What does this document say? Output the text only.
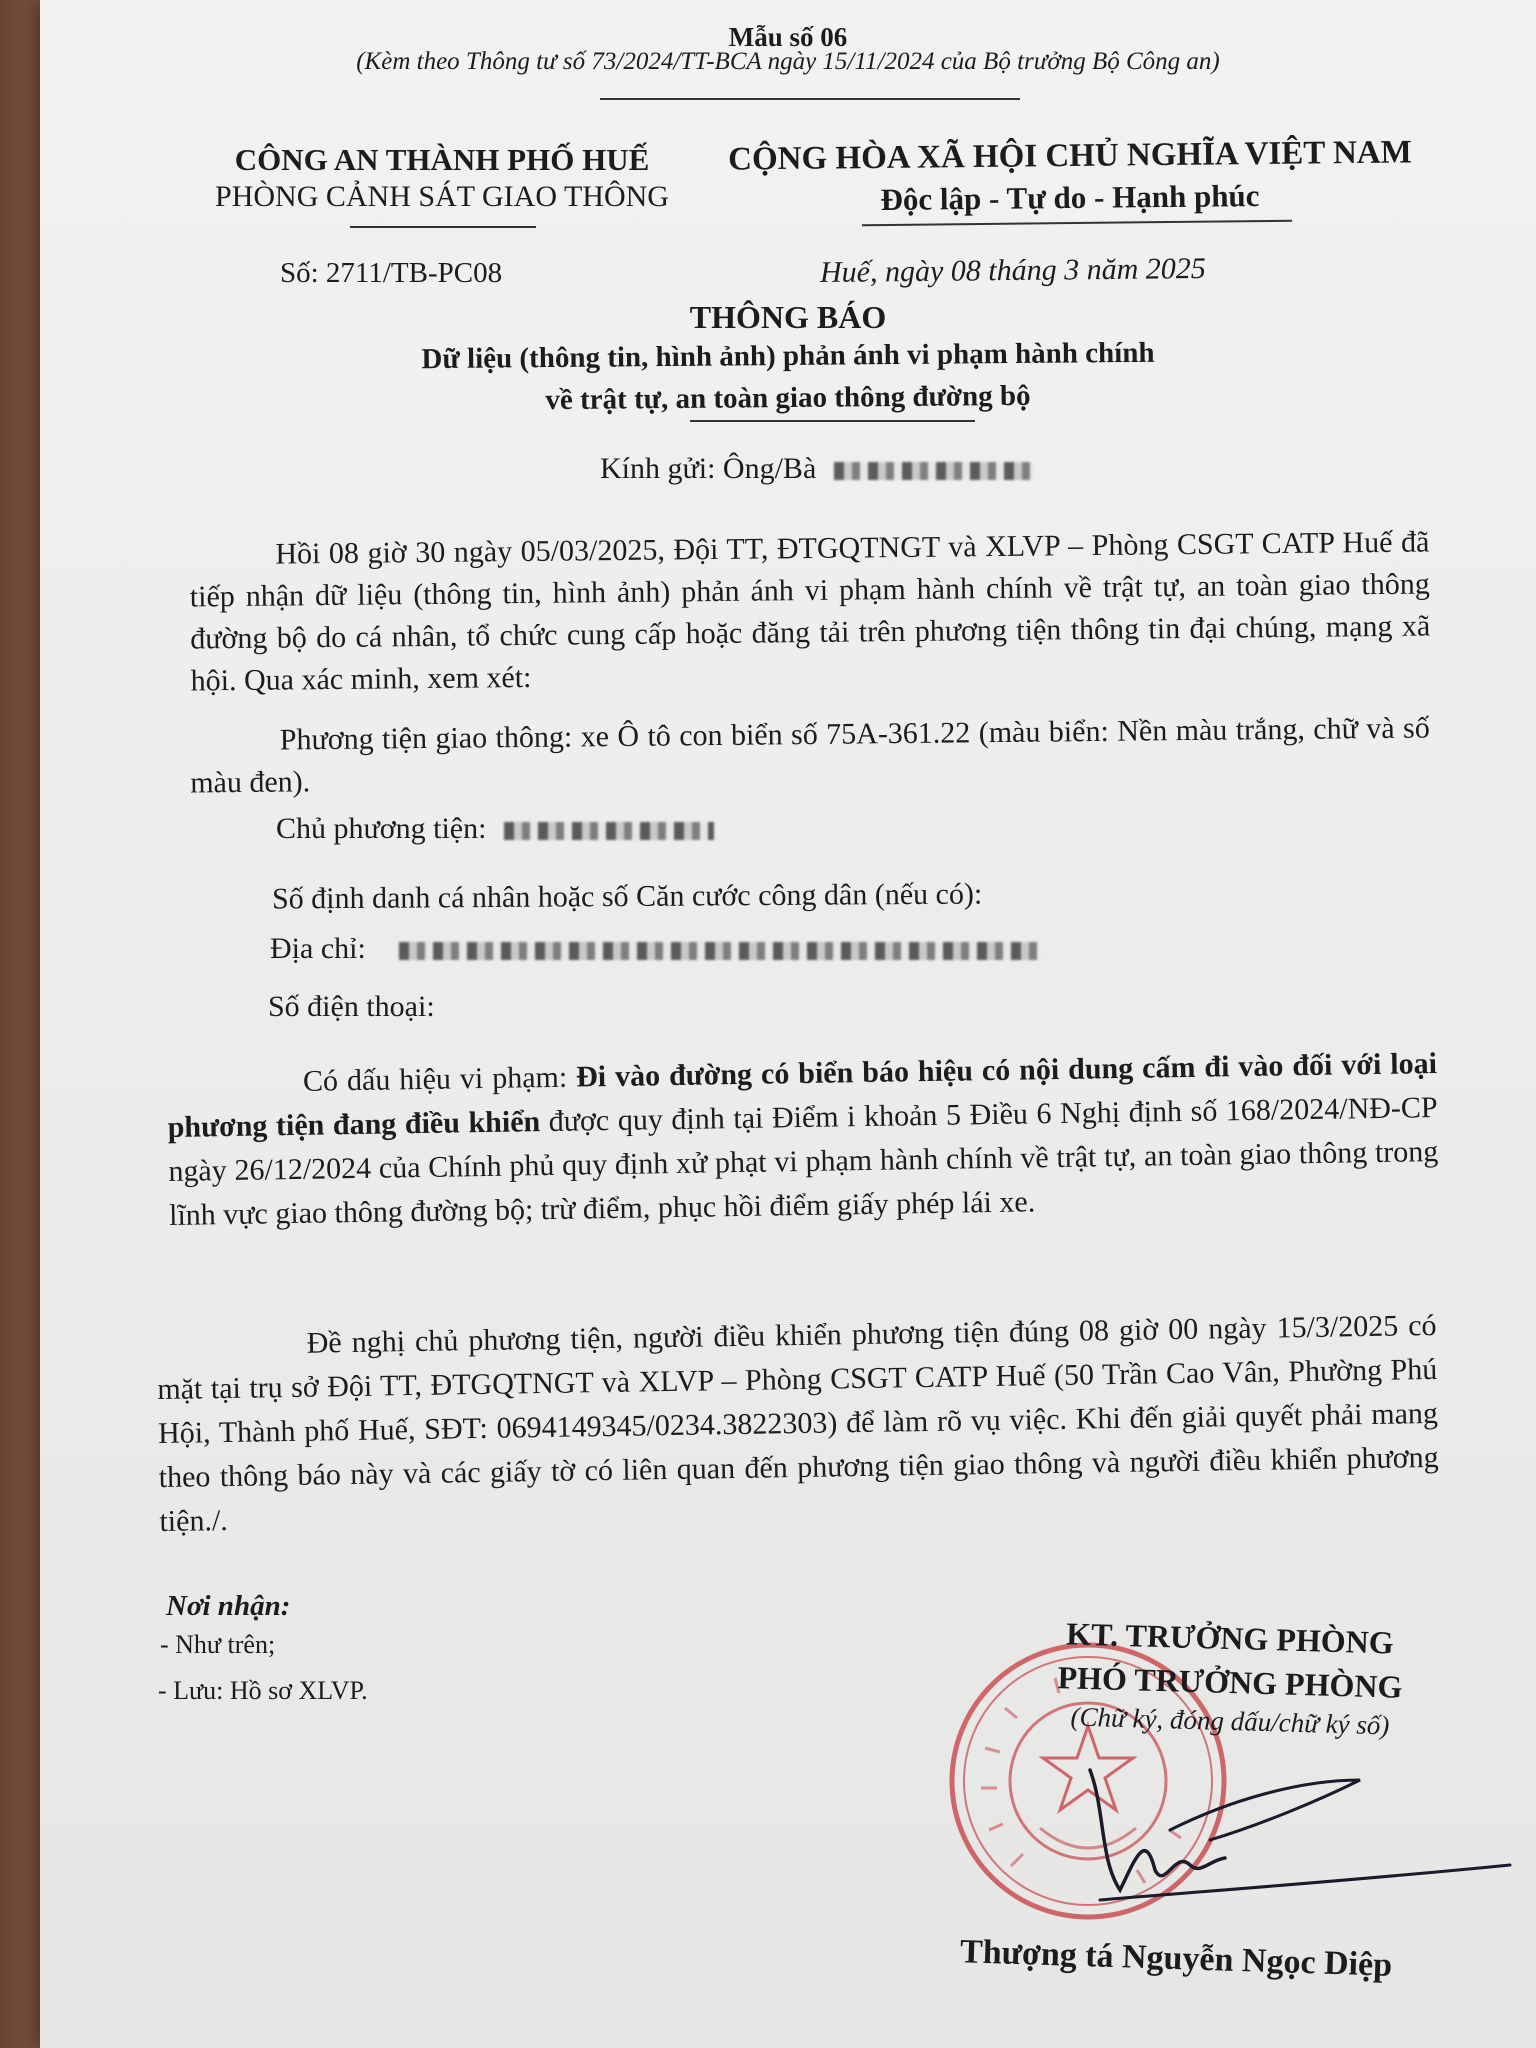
Mẫu số 06
(Kèm theo Thông tư số 73/2024/TT-BCA ngày 15/11/2024 của Bộ trưởng Bộ Công an)
CÔNG AN THÀNH PHỐ HUẾ
PHÒNG CẢNH SÁT GIAO THÔNG
CỘNG HÒA XÃ HỘI CHỦ NGHĨA VIỆT NAM
Độc lập - Tự do - Hạnh phúc
Số: 2711/TB-PC08	Huế, ngày 08 tháng 3 năm 2025
THÔNG BÁO
Dữ liệu (thông tin, hình ảnh) phản ánh vi phạm hành chính
về trật tự, an toàn giao thông đường bộ
Kính gửi: Ông/Bà
Hồi 08 giờ 30 ngày 05/03/2025, Đội TT, ĐTGQTNGT và XLVP – Phòng CSGT CATP Huế đã tiếp nhận dữ liệu (thông tin, hình ảnh) phản ánh vi phạm hành chính về trật tự, an toàn giao thông đường bộ do cá nhân, tổ chức cung cấp hoặc đăng tải trên phương tiện thông tin đại chúng, mạng xã hội. Qua xác minh, xem xét:
Phương tiện giao thông: xe Ô tô con biển số 75A-361.22 (màu biển: Nền màu trắng, chữ và số màu đen).
Chủ phương tiện:
Số định danh cá nhân hoặc số Căn cước công dân (nếu có):
Địa chỉ:
Số điện thoại:
Có dấu hiệu vi phạm: Đi vào đường có biển báo hiệu có nội dung cấm đi vào đối với loại phương tiện đang điều khiển được quy định tại Điểm i khoản 5 Điều 6 Nghị định số 168/2024/NĐ-CP ngày 26/12/2024 của Chính phủ quy định xử phạt vi phạm hành chính về trật tự, an toàn giao thông trong lĩnh vực giao thông đường bộ; trừ điểm, phục hồi điểm giấy phép lái xe.
Đề nghị chủ phương tiện, người điều khiển phương tiện đúng 08 giờ 00 ngày 15/3/2025 có mặt tại trụ sở Đội TT, ĐTGQTNGT và XLVP – Phòng CSGT CATP Huế (50 Trần Cao Vân, Phường Phú Hội, Thành phố Huế, SĐT: 0694149345/0234.3822303) để làm rõ vụ việc. Khi đến giải quyết phải mang theo thông báo này và các giấy tờ có liên quan đến phương tiện giao thông và người điều khiển phương tiện./.
Nơi nhận:
- Như trên;
- Lưu: Hồ sơ XLVP.
KT. TRƯỞNG PHÒNG
PHÓ TRƯỞNG PHÒNG
(Chữ ký, đóng dấu/chữ ký số)
Thượng tá Nguyễn Ngọc Diệp
